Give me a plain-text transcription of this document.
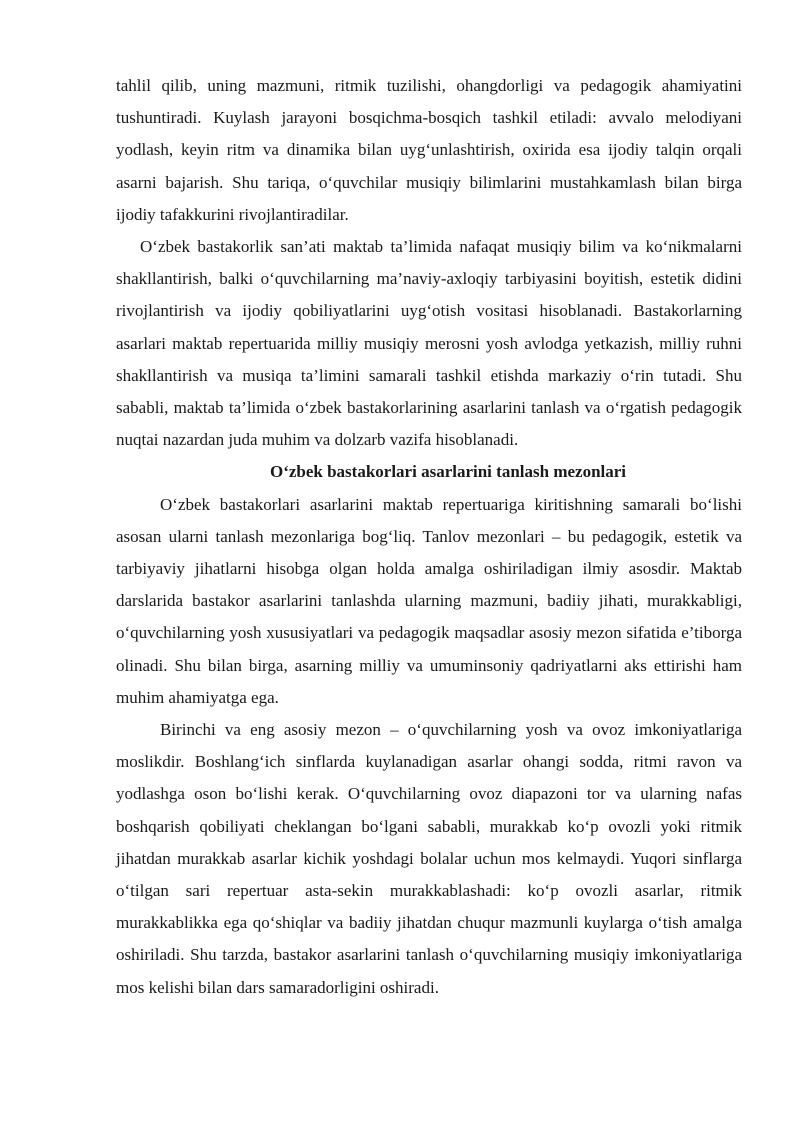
tahlil qilib, uning mazmuni, ritmik tuzilishi, ohangdorligi va pedagogik ahamiyatini tushuntiradi. Kuylash jarayoni bosqichma-bosqich tashkil etiladi: avvalo melodiyani yodlash, keyin ritm va dinamika bilan uyg‘unlashtirish, oxirida esa ijodiy talqin orqali asarni bajarish. Shu tariqa, o‘quvchilar musiqiy bilimlarini mustahkamlash bilan birga ijodiy tafakkurini rivojlantiradilar.

O‘zbek bastakorlik san’ati maktab ta’limida nafaqat musiqiy bilim va ko‘nikmalarni shakllantirish, balki o‘quvchilarning ma’naviy-axloqiy tarbiyasini boyitish, estetik didini rivojlantirish va ijodiy qobiliyatlarini uyg‘otish vositasi hisoblanadi. Bastakorlarning asarlari maktab repertuarida milliy musiqiy merosni yosh avlodga yetkazish, milliy ruhni shakllantirish va musiqa ta’limini samarali tashkil etishda markaziy o‘rin tutadi. Shu sababli, maktab ta’limida o‘zbek bastakorlarining asarlarini tanlash va o‘rgatish pedagogik nuqtai nazardan juda muhim va dolzarb vazifa hisoblanadi.

O‘zbek bastakorlari asarlarini tanlash mezonlari

O‘zbek bastakorlari asarlarini maktab repertuariga kiritishning samarali bo‘lishi asosan ularni tanlash mezonlariga bog‘liq. Tanlov mezonlari – bu pedagogik, estetik va tarbiyaviy jihatlarni hisobga olgan holda amalga oshiriladigan ilmiy asosdir. Maktab darslarida bastakor asarlarini tanlashda ularning mazmuni, badiiy jihati, murakkabligi, o‘quvchilarning yosh xususiyatlari va pedagogik maqsadlar asosiy mezon sifatida e’tiborga olinadi. Shu bilan birga, asarning milliy va umuminsoniy qadriyatlarni aks ettirishi ham muhim ahamiyatga ega.

Birinchi va eng asosiy mezon – o‘quvchilarning yosh va ovoz imkoniyatlariga moslikdir. Boshlang‘ich sinflarda kuylanadigan asarlar ohangi sodda, ritmi ravon va yodlashga oson bo‘lishi kerak. O‘quvchilarning ovoz diapazoni tor va ularning nafas boshqarish qobiliyati cheklangan bo‘lgani sababli, murakkab ko‘p ovozli yoki ritmik jihatdan murakkab asarlar kichik yoshdagi bolalar uchun mos kelmaydi. Yuqori sinflarga o‘tilgan sari repertuar asta-sekin murakkablashadi: ko‘p ovozli asarlar, ritmik murakkablikka ega qo‘shiqlar va badiiy jihatdan chuqur mazmunli kuylarga o‘tish amalga oshiriladi. Shu tarzda, bastakor asarlarini tanlash o‘quvchilarning musiqiy imkoniyatlariga mos kelishi bilan dars samaradorligini oshiradi.
